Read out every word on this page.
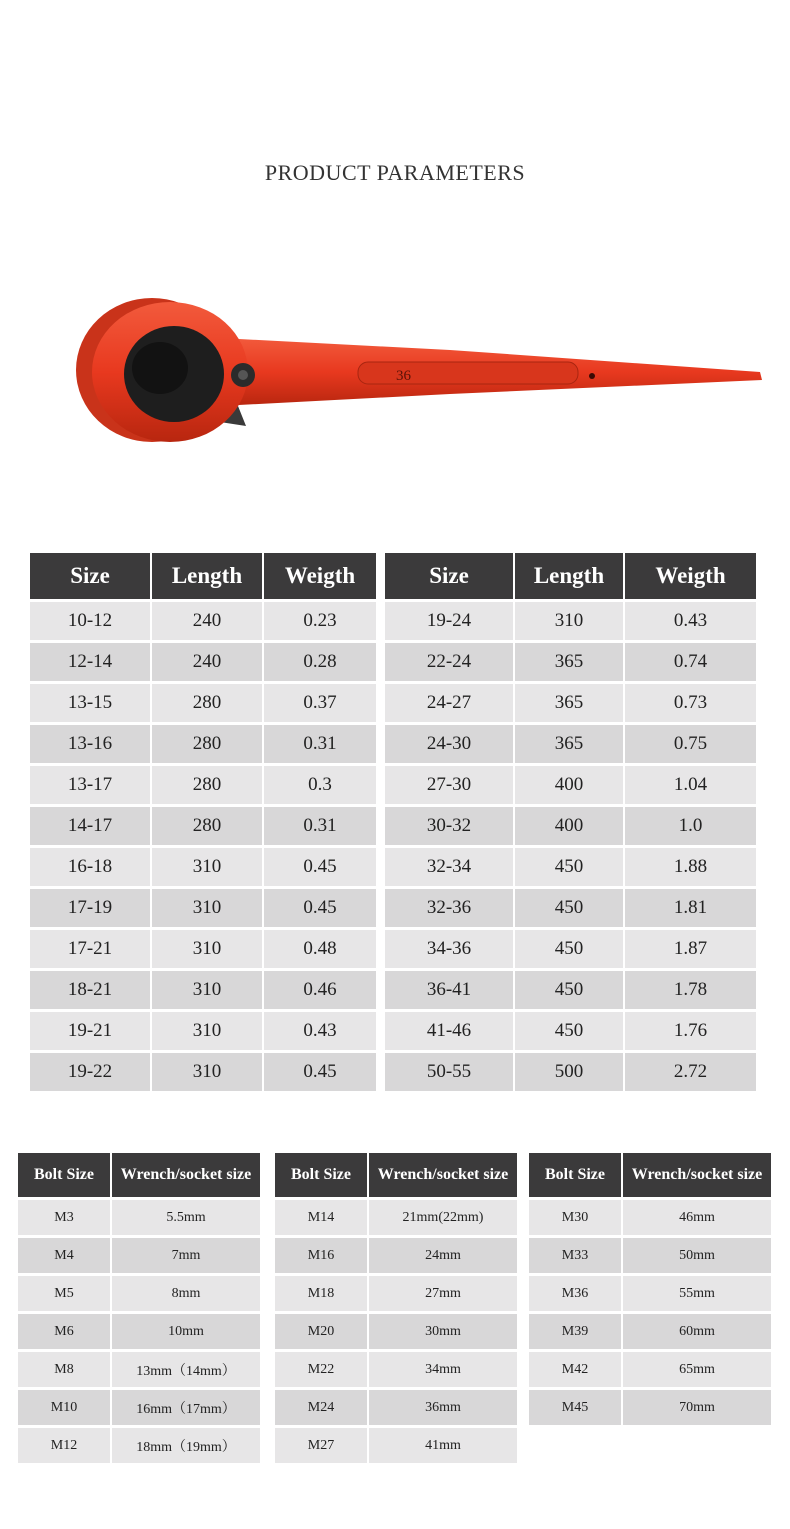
PRODUCT PARAMETERS
36
Size	Length	Weigth
10-12	240	0.23
12-14	240	0.28
13-15	280	0.37
13-16	280	0.31
13-17	280	0.3
14-17	280	0.31
16-18	310	0.45
17-19	310	0.45
17-21	310	0.48
18-21	310	0.46
19-21	310	0.43
19-22	310	0.45
Size	Length	Weigth
19-24	310	0.43
22-24	365	0.74
24-27	365	0.73
24-30	365	0.75
27-30	400	1.04
30-32	400	1.0
32-34	450	1.88
32-36	450	1.81
34-36	450	1.87
36-41	450	1.78
41-46	450	1.76
50-55	500	2.72
Bolt Size	Wrench/socket size
M3	5.5mm
M4	7mm
M5	8mm
M6	10mm
M8	13mm（14mm）
M10	16mm（17mm）
M12	18mm（19mm）
Bolt Size	Wrench/socket size
M14	21mm(22mm)
M16	24mm
M18	27mm
M20	30mm
M22	34mm
M24	36mm
M27	41mm
Bolt Size	Wrench/socket size
M30	46mm
M33	50mm
M36	55mm
M39	60mm
M42	65mm
M45	70mm
